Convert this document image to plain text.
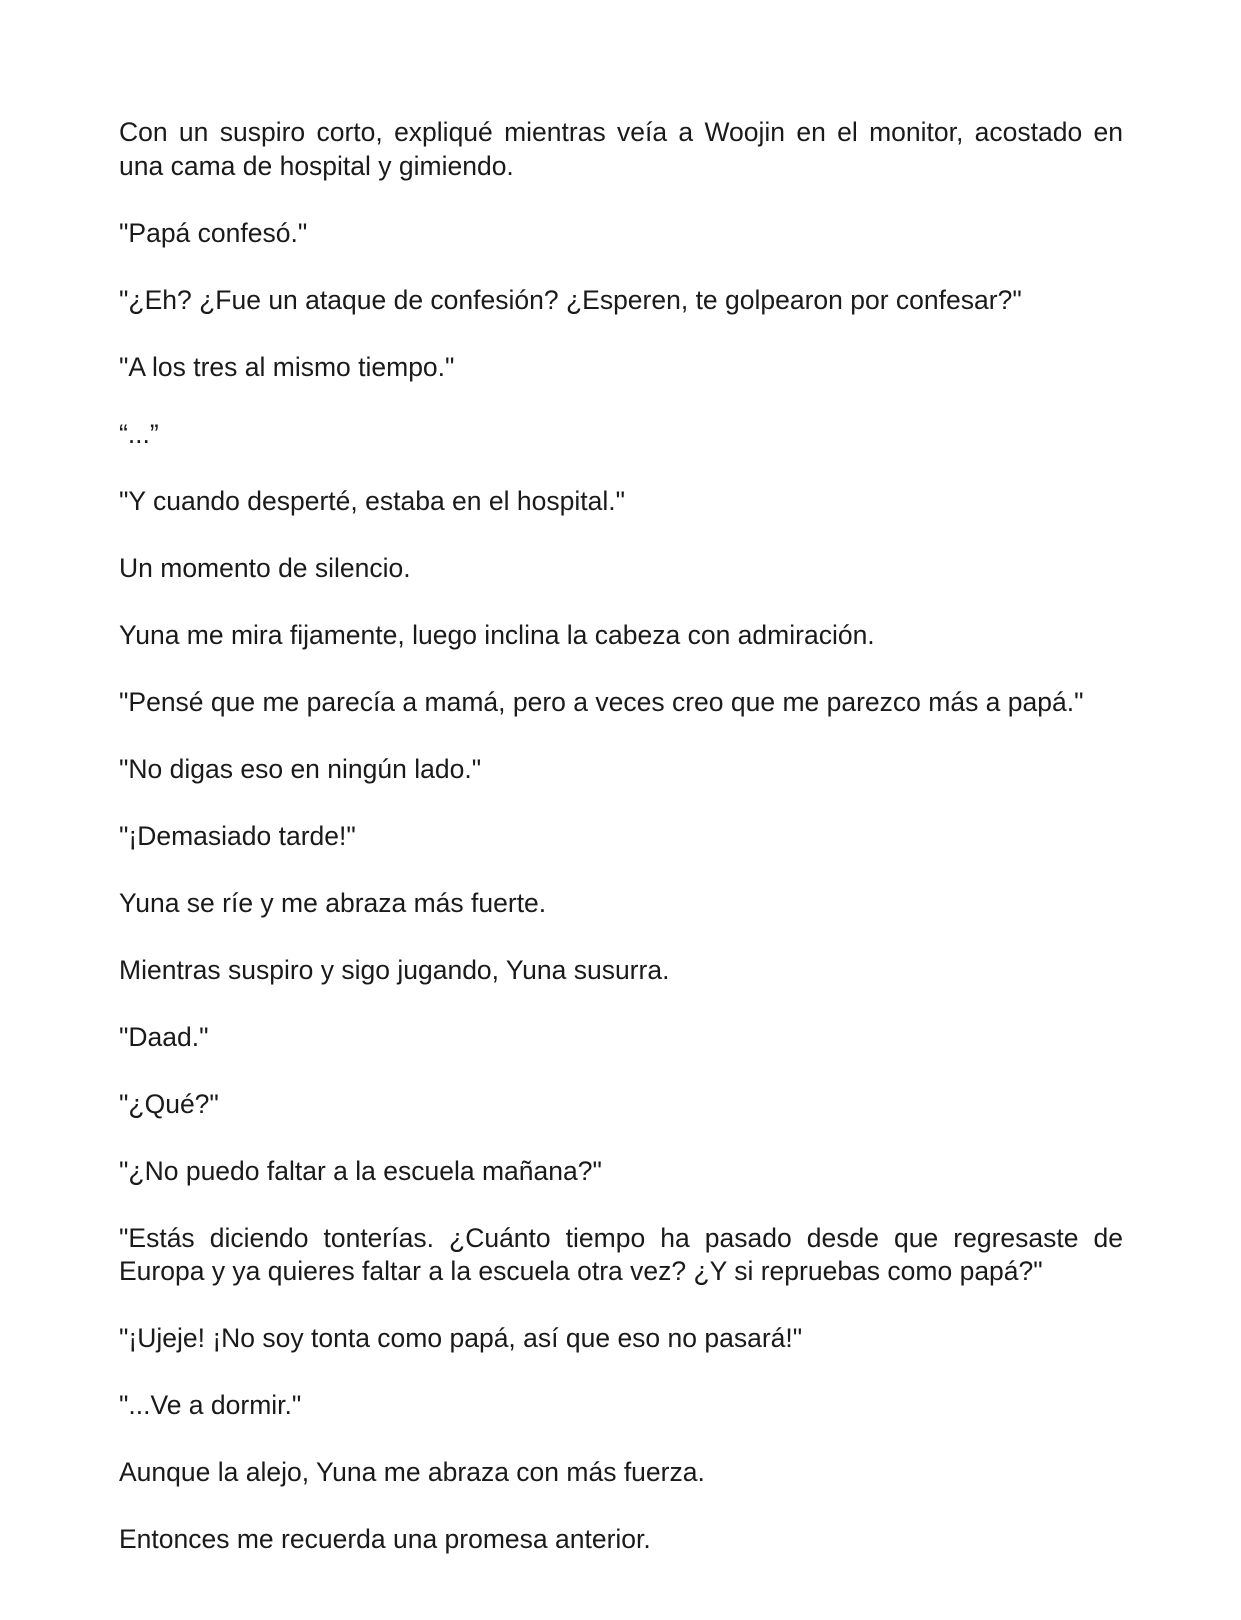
Con un suspiro corto, expliqué mientras veía a Woojin en el monitor, acostado en una cama de hospital y gimiendo.

"Papá confesó."

"¿Eh? ¿Fue un ataque de confesión? ¿Esperen, te golpearon por confesar?"

"A los tres al mismo tiempo."

“...”

"Y cuando desperté, estaba en el hospital."

Un momento de silencio.

Yuna me mira fijamente, luego inclina la cabeza con admiración.

"Pensé que me parecía a mamá, pero a veces creo que me parezco más a papá."

"No digas eso en ningún lado."

"¡Demasiado tarde!"

Yuna se ríe y me abraza más fuerte.

Mientras suspiro y sigo jugando, Yuna susurra.

"Daad."

"¿Qué?"

"¿No puedo faltar a la escuela mañana?"

"Estás diciendo tonterías. ¿Cuánto tiempo ha pasado desde que regresaste de Europa y ya quieres faltar a la escuela otra vez? ¿Y si repruebas como papá?"

"¡Ujeje! ¡No soy tonta como papá, así que eso no pasará!"

"...Ve a dormir."

Aunque la alejo, Yuna me abraza con más fuerza.

Entonces me recuerda una promesa anterior.
